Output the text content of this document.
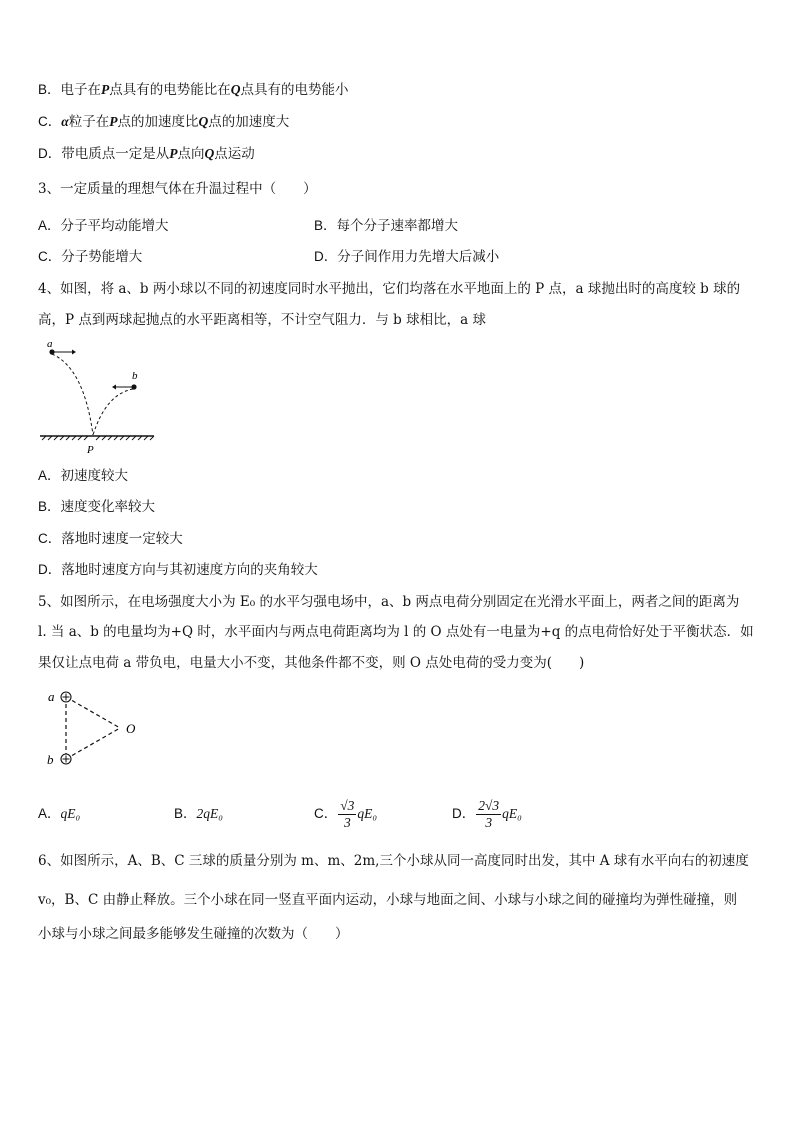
B．电子在P点具有的电势能比在Q点具有的电势能小
C．α粒子在P点的加速度比Q点的加速度大
D．带电质点一定是从P点向Q点运动
3、一定质量的理想气体在升温过程中（　　）
A．分子平均动能增大	B．每个分子速率都增大
C．分子势能增大	D．分子间作用力先增大后减小
4、如图，将 a、b 两小球以不同的初速度同时水平抛出，它们均落在水平地面上的 P 点，a 球抛出时的高度较 b 球的
高，P 点到两球起抛点的水平距离相等，不计空气阻力．与 b 球相比，a 球
a
b
P
A．初速度较大
B．速度变化率较大
C．落地时速度一定较大
D．落地时速度方向与其初速度方向的夹角较大
5、如图所示，在电场强度大小为 E₀ 的水平匀强电场中，a、b 两点电荷分别固定在光滑水平面上，两者之间的距离为
l. 当 a、b 的电量均为+Q 时，水平面内与两点电荷距离均为 l 的 O 点处有一电量为+q 的点电荷恰好处于平衡状态．如
果仅让点电荷 a 带负电，电量大小不变，其他条件都不变，则 O 点处电荷的受力变为(　　)
a
b
O
A．qE₀	B．2qE₀	C． $\frac{√3}{3} qE_0$	D． $\frac{2√3}{3} qE_0$
6、如图所示，A、B、C 三球的质量分别为 m、m、2m,三个小球从同一高度同时出发，其中 A 球有水平向右的初速度
v₀，B、C 由静止释放。三个小球在同一竖直平面内运动，小球与地面之间、小球与小球之间的碰撞均为弹性碰撞，则
小球与小球之间最多能够发生碰撞的次数为（　　）
